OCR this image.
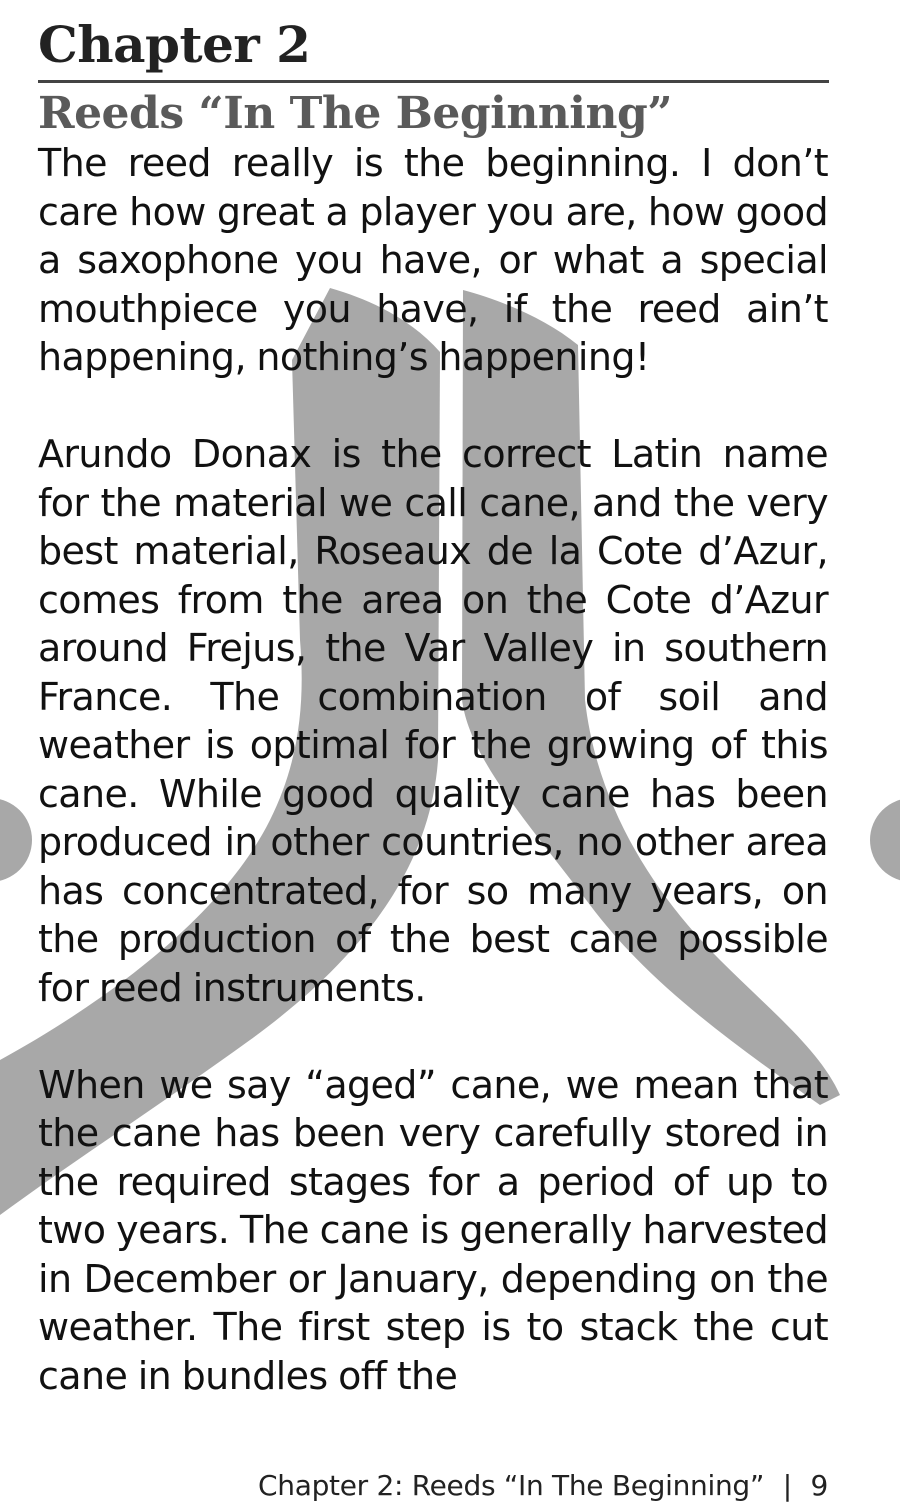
Chapter 2
Reeds “In The Beginning”

The reed really is the beginning. I don’t care how great a player you are, how good a saxophone you have, or what a special mouthpiece you have, if the reed ain’t happening, nothing’s happening!

Arundo Donax is the correct Latin name for the material we call cane, and the very best material, Roseaux de la Cote d’Azur, comes from the area on the Cote d’Azur around Frejus, the Var Valley in southern France. The combination of soil and weather is optimal for the growing of this cane. While good quality cane has been produced in other countries, no other area has concentrated, for so many years, on the production of the best cane possible for reed instruments.

When we say “aged” cane, we mean that the cane has been very carefully stored in the required stages for a period of up to two years. The cane is generally harvested in December or January, depending on the weather. The first step is to stack the cut cane in bundles off the

Chapter 2: Reeds “In The Beginning” | 9
